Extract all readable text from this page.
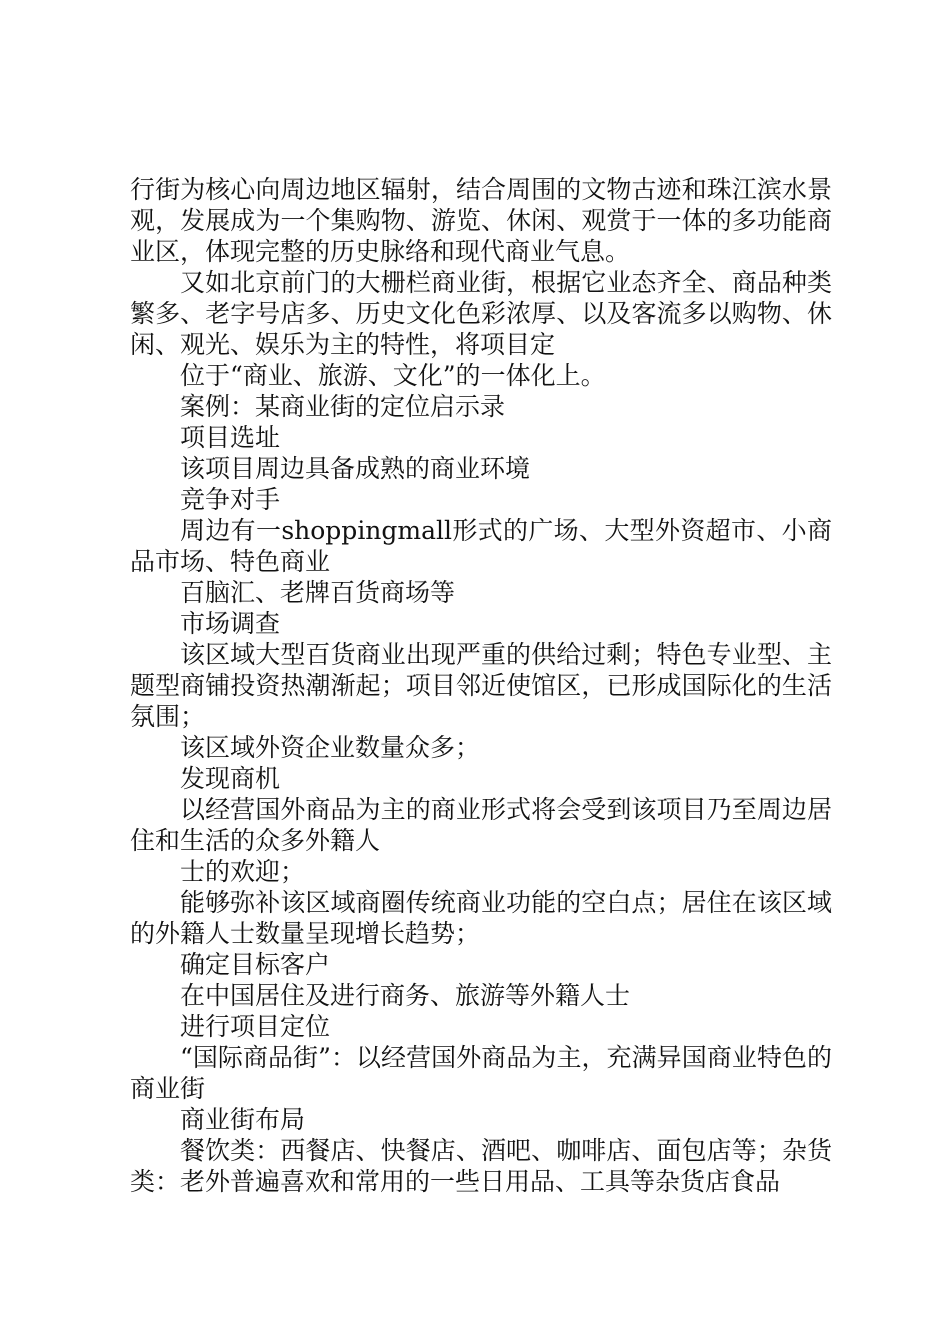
行街为核心向周边地区辐射，结合周围的文物古迹和珠江滨水景观，发展成为一个集购物、游览、休闲、观赏于一体的多功能商业区，体现完整的历史脉络和现代商业气息。

又如北京前门的大栅栏商业街，根据它业态齐全、商品种类繁多、老字号店多、历史文化色彩浓厚、以及客流多以购物、休闲、观光、娱乐为主的特性，将项目定

位于“商业、旅游、文化”的一体化上。

案例：某商业街的定位启示录

项目选址

该项目周边具备成熟的商业环境

竞争对手

周边有一shoppingmall形式的广场、大型外资超市、小商品市场、特色商业

百脑汇、老牌百货商场等

市场调查

该区域大型百货商业出现严重的供给过剩；特色专业型、主题型商铺投资热潮渐起；项目邻近使馆区，已形成国际化的生活氛围；

该区域外资企业数量众多；

发现商机

以经营国外商品为主的商业形式将会受到该项目乃至周边居住和生活的众多外籍人

士的欢迎；

能够弥补该区域商圈传统商业功能的空白点；居住在该区域的外籍人士数量呈现增长趋势；

确定目标客户

在中国居住及进行商务、旅游等外籍人士

进行项目定位

“国际商品街”：以经营国外商品为主，充满异国商业特色的商业街

商业街布局

餐饮类：西餐店、快餐店、酒吧、咖啡店、面包店等；杂货类：老外普遍喜欢和常用的一些日用品、工具等杂货店食品
